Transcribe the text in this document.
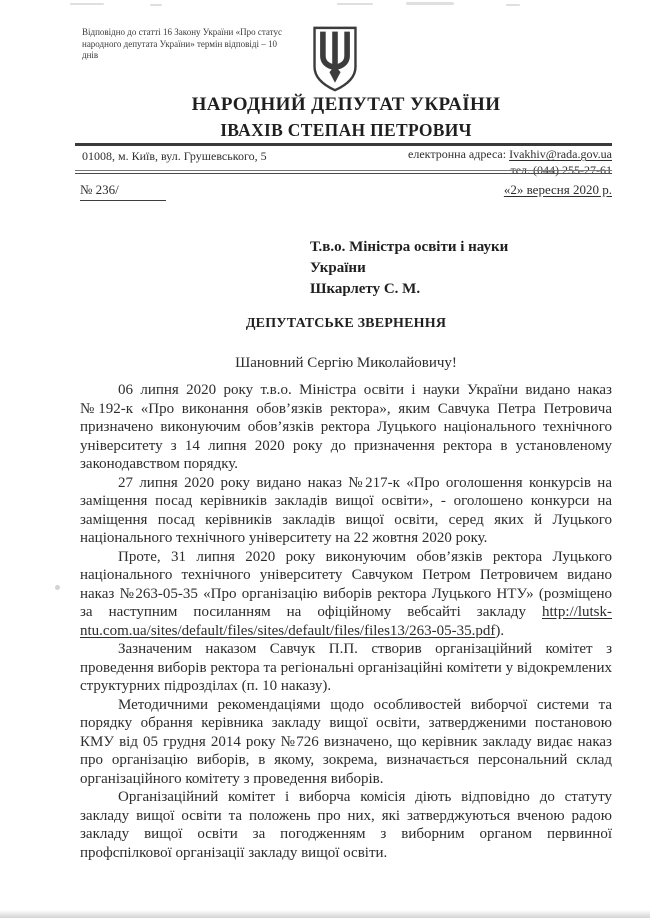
Відповідно до статті 16 Закону України «Про статус народного депутата України» термін відповіді – 10 днів
НАРОДНИЙ ДЕПУТАТ УКРАЇНИ
ІВАХІВ СТЕПАН ПЕТРОВИЧ
01008, м. Київ, вул. Грушевського, 5	електронна адреса: Ivakhiv@rada.gov.ua
тел. (044) 255-27-61
№ 236/	«2» вересня 2020 р.
Т.в.о. Міністра освіти і науки
України
Шкарлету С. М.
ДЕПУТАТСЬКЕ ЗВЕРНЕННЯ
Шановний Сергію Миколайовичу!

06 липня 2020 року т.в.о. Міністра освіти і науки України видано наказ №192-к «Про виконання обов’язків ректора», яким Савчука Петра Петровича призначено виконуючим обов’язків ректора Луцького національного технічного університету з 14 липня 2020 року до призначення ректора в установленому законодавством порядку.

27 липня 2020 року видано наказ №217-к «Про оголошення конкурсів на заміщення посад керівників закладів вищої освіти», - оголошено конкурси на заміщення посад керівників закладів вищої освіти, серед яких й Луцького національного технічного університету на 22 жовтня 2020 року.

Проте, 31 липня 2020 року виконуючим обов’язків ректора Луцького національного технічного університету Савчуком Петром Петровичем видано наказ №263-05-35 «Про організацію виборів ректора Луцького НТУ» (розміщено за наступним посиланням на офіційному вебсайті закладу http://lutsk-ntu.com.ua/sites/default/files/sites/default/files/files13/263-05-35.pdf).

Зазначеним наказом Савчук П.П. створив організаційний комітет з проведення виборів ректора та регіональні організаційні комітети у відокремлених структурних підрозділах (п. 10 наказу).

Методичними рекомендаціями щодо особливостей виборчої системи та порядку обрання керівника закладу вищої освіти, затвердженими постановою КМУ від 05 грудня 2014 року №726 визначено, що керівник закладу видає наказ про організацію виборів, в якому, зокрема, визначається персональний склад організаційного комітету з проведення виборів.

Організаційний комітет і виборча комісія діють відповідно до статуту закладу вищої освіти та положень про них, які затверджуються вченою радою закладу вищої освіти за погодженням з виборним органом первинної профспілкової організації закладу вищої освіти.
